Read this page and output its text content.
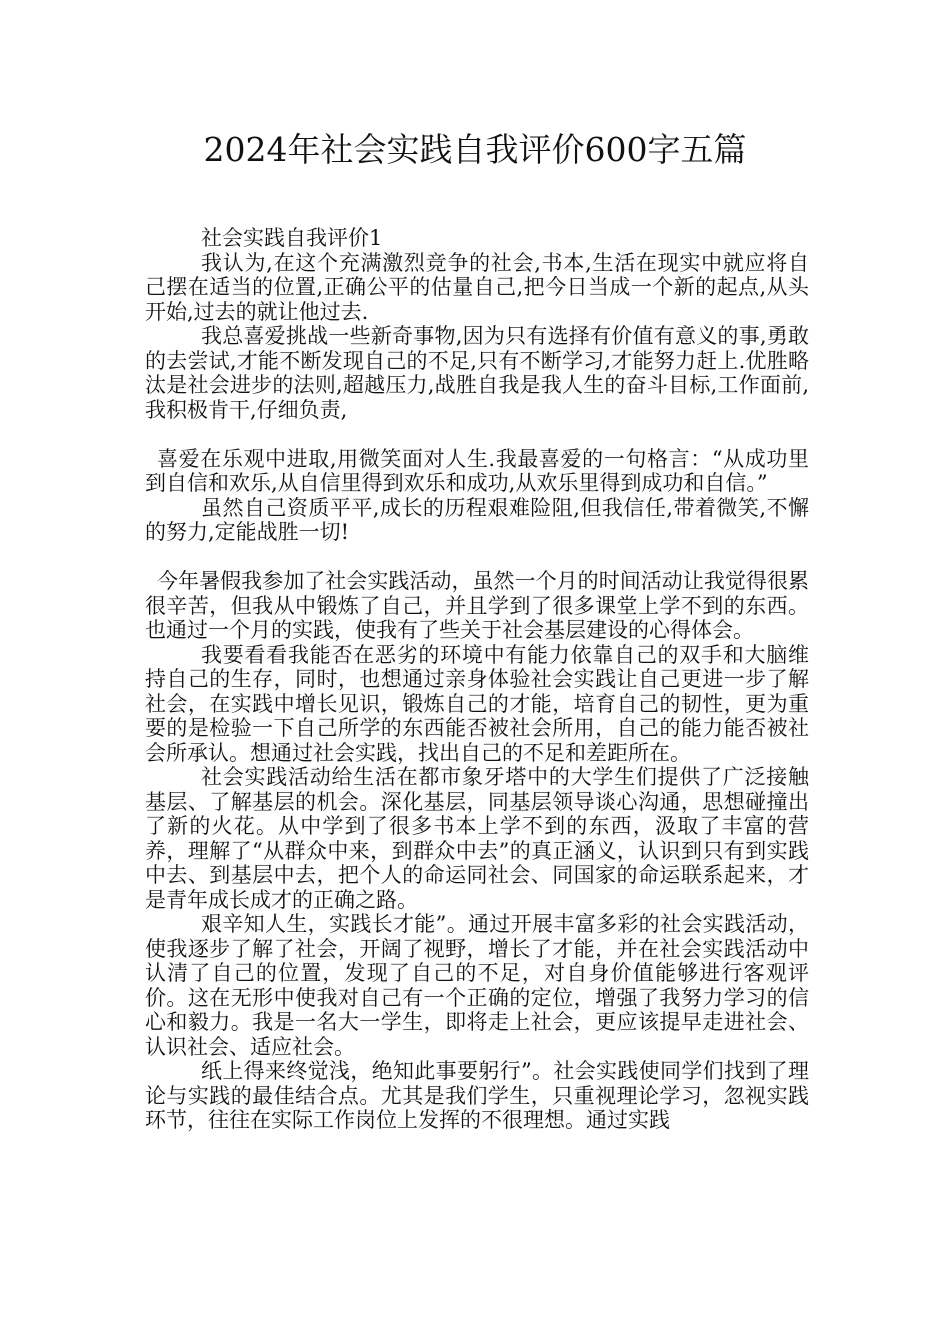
2024年社会实践自我评价600字五篇

社会实践自我评价1

我认为,在这个充满激烈竞争的社会,书本,生活在现实中就应将自己摆在适当的位置,正确公平的估量自己,把今日当成一个新的起点,从头开始,过去的就让他过去.

我总喜爱挑战一些新奇事物,因为只有选择有价值有意义的事,勇敢的去尝试,才能不断发现自己的不足,只有不断学习,才能努力赶上.优胜略汰是社会进步的法则,超越压力,战胜自我是我人生的奋斗目标,工作面前,我积极肯干,仔细负责,

喜爱在乐观中进取,用微笑面对人生.我最喜爱的一句格言：“从成功里到自信和欢乐,从自信里得到欢乐和成功,从欢乐里得到成功和自信。”

虽然自己资质平平,成长的历程艰难险阻,但我信任,带着微笑,不懈的努力,定能战胜一切!

今年暑假我参加了社会实践活动，虽然一个月的时间活动让我觉得很累很辛苦，但我从中锻炼了自己，并且学到了很多课堂上学不到的东西。也通过一个月的实践，使我有了些关于社会基层建设的心得体会。

我要看看我能否在恶劣的环境中有能力依靠自己的双手和大脑维持自己的生存，同时，也想通过亲身体验社会实践让自己更进一步了解社会，在实践中增长见识，锻炼自己的才能，培育自己的韧性，更为重要的是检验一下自己所学的东西能否被社会所用，自己的能力能否被社会所承认。想通过社会实践，找出自己的不足和差距所在。

社会实践活动给生活在都市象牙塔中的大学生们提供了广泛接触基层、了解基层的机会。深化基层，同基层领导谈心沟通，思想碰撞出了新的火花。从中学到了很多书本上学不到的东西，汲取了丰富的营养，理解了“从群众中来，到群众中去”的真正涵义，认识到只有到实践中去、到基层中去，把个人的命运同社会、同国家的命运联系起来，才是青年成长成才的正确之路。

艰辛知人生，实践长才能”。通过开展丰富多彩的社会实践活动，使我逐步了解了社会，开阔了视野，增长了才能，并在社会实践活动中认清了自己的位置，发现了自己的不足，对自身价值能够进行客观评价。这在无形中使我对自己有一个正确的定位，增强了我努力学习的信心和毅力。我是一名大一学生，即将走上社会，更应该提早走进社会、认识社会、适应社会。

纸上得来终觉浅，绝知此事要躬行”。社会实践使同学们找到了理论与实践的最佳结合点。尤其是我们学生，只重视理论学习，忽视实践环节，往往在实际工作岗位上发挥的不很理想。通过实践
